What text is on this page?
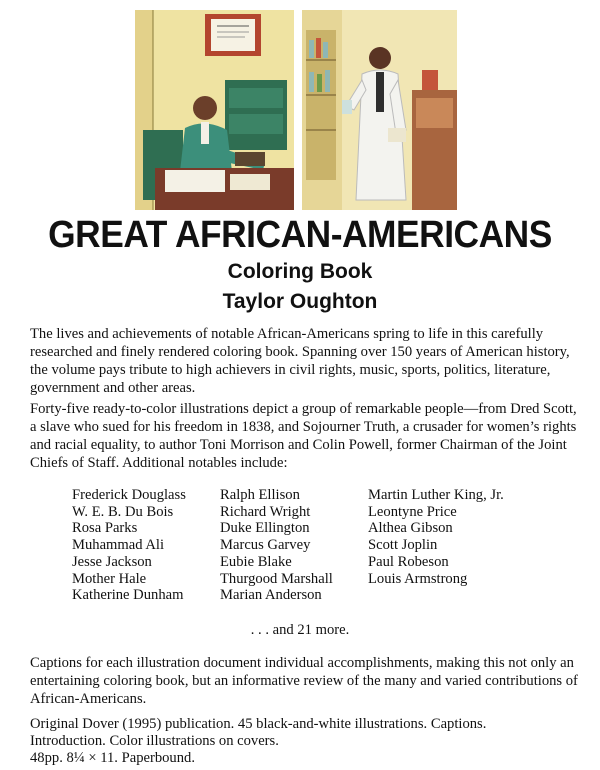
GREAT AFRICAN-AMERICANS
Coloring Book
Taylor Oughton

The lives and achievements of notable African-Americans spring to life in this carefully researched and finely rendered coloring book. Spanning over 150 years of American history, the volume pays tribute to high achievers in civil rights, music, sports, politics, literature, government and other areas.

Forty-five ready-to-color illustrations depict a group of remarkable people—from Dred Scott, a slave who sued for his freedom in 1838, and Sojourner Truth, a crusader for women’s rights and racial equality, to author Toni Morrison and Colin Powell, former Chairman of the Joint Chiefs of Staff. Additional notables include:

Frederick Douglass
W. E. B. Du Bois
Rosa Parks
Muhammad Ali
Jesse Jackson
Mother Hale
Katherine Dunham
Ralph Ellison
Richard Wright
Duke Ellington
Marcus Garvey
Eubie Blake
Thurgood Marshall
Marian Anderson
Martin Luther King, Jr.
Leontyne Price
Althea Gibson
Scott Joplin
Paul Robeson
Louis Armstrong
. . . and 21 more.

Captions for each illustration document individual accomplishments, making this not only an entertaining coloring book, but an informative review of the many and varied contributions of African-Americans.

Original Dover (1995) publication. 45 black-and-white illustrations. Captions.
Introduction. Color illustrations on covers.
48pp. 8¼ × 11. Paperbound.
